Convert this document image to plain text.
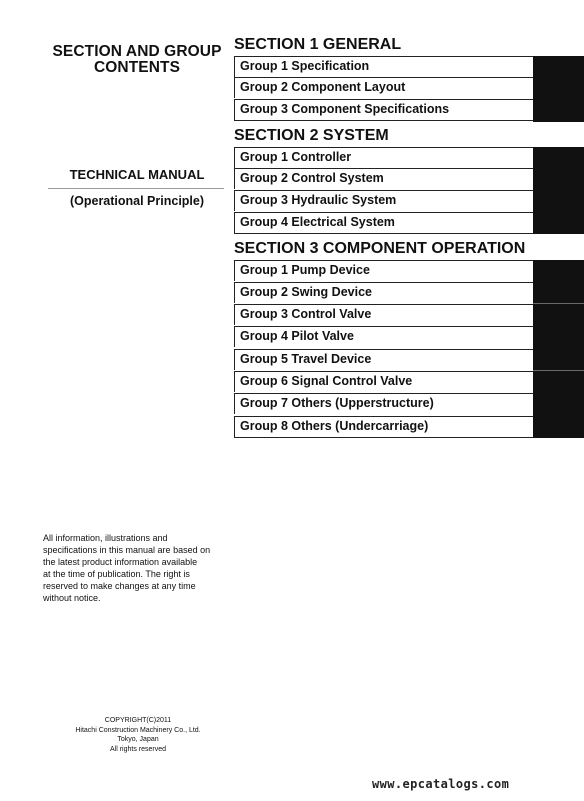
SECTION AND GROUP
CONTENTS
TECHNICAL MANUAL
(Operational Principle)
SECTION 1 GENERAL
Group 1 Specification
Group 2 Component Layout
Group 3 Component Specifications
SECTION 2 SYSTEM
Group 1 Controller
Group 2 Control System
Group 3 Hydraulic System
Group 4 Electrical System
SECTION 3 COMPONENT OPERATION
Group 1 Pump Device
Group 2 Swing Device
Group 3 Control Valve
Group 4 Pilot Valve
Group 5 Travel Device
Group 6 Signal Control Valve
Group 7 Others (Upperstructure)
Group 8 Others (Undercarriage)
All information, illustrations and
specifications in this manual are based on
the latest product information available
at the time of publication. The right is
reserved to make changes at any time
without notice.
COPYRIGHT(C)2011
Hitachi Construction Machinery Co., Ltd.
Tokyo, Japan
All rights reserved
www.epcatalogs.com
